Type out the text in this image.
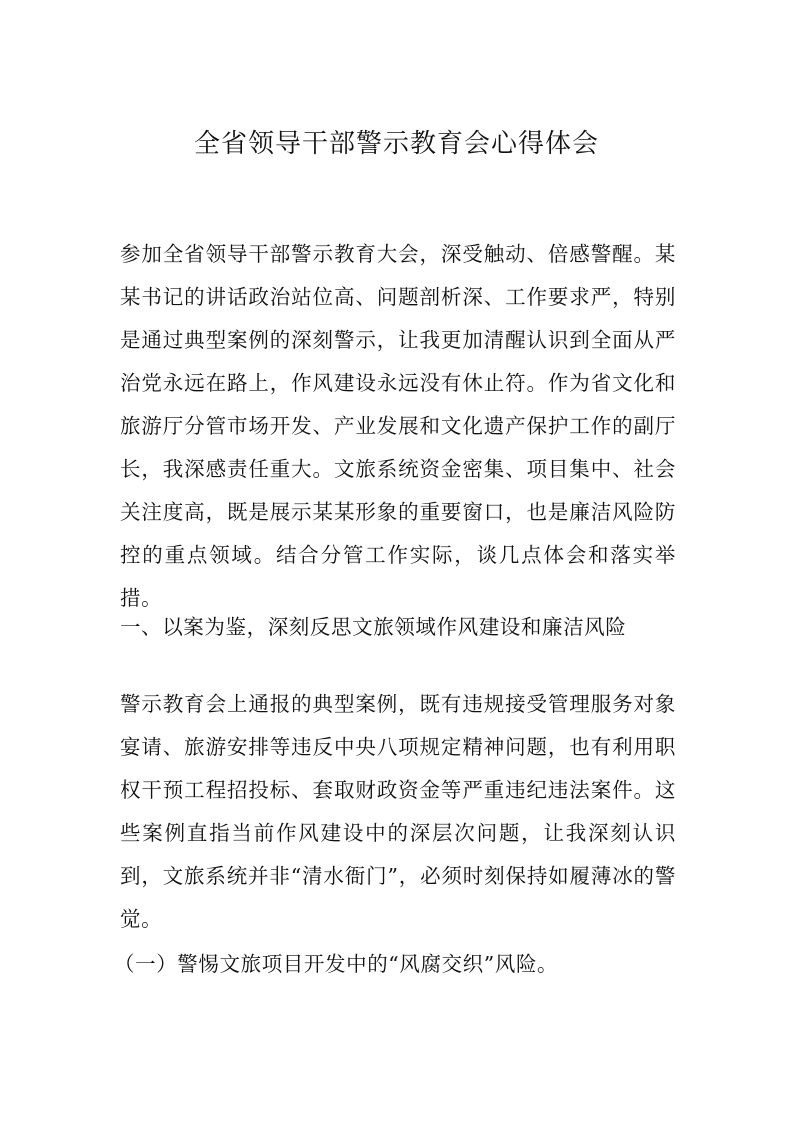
全省领导干部警示教育会心得体会

参加全省领导干部警示教育大会，深受触动、倍感警醒。某某书记的讲话政治站位高、问题剖析深、工作要求严，特别是通过典型案例的深刻警示，让我更加清醒认识到全面从严治党永远在路上，作风建设永远没有休止符。作为省文化和旅游厅分管市场开发、产业发展和文化遗产保护工作的副厅长，我深感责任重大。文旅系统资金密集、项目集中、社会关注度高，既是展示某某形象的重要窗口，也是廉洁风险防控的重点领域。结合分管工作实际，谈几点体会和落实举措。

一、以案为鉴，深刻反思文旅领域作风建设和廉洁风险

警示教育会上通报的典型案例，既有违规接受管理服务对象宴请、旅游安排等违反中央八项规定精神问题，也有利用职权干预工程招投标、套取财政资金等严重违纪违法案件。这些案例直指当前作风建设中的深层次问题，让我深刻认识到，文旅系统并非“清水衙门”，必须时刻保持如履薄冰的警觉。

（一）警惕文旅项目开发中的“风腐交织”风险。
